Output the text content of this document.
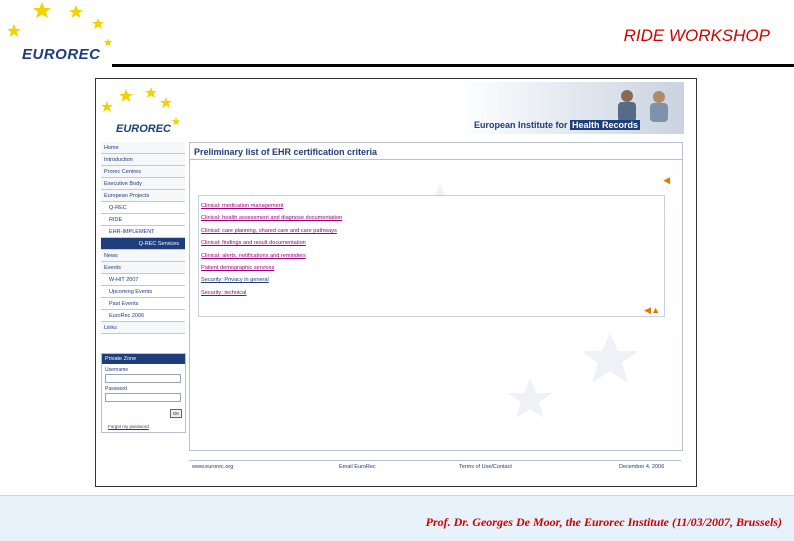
EUROREC
RIDE WORKSHOP
EUROREC	European Institute for Health Records
Home
Introduction
Prorec Centres
Executive Body
European Projects
Q-REC
RIDE
EHR-IMPLEMENT
Q-REC Services
News
Events
W-HIT 2007
Upcoming Events
Past Events
EuroRec 2006
Links
Private Zone
Username
Password
OK
Forgot my password
Preliminary list of EHR certification criteria
◀
Clinical: medication management
Clinical: health assessment and diagnose documentation
Clinical: care planning, shared care and care pathways
Clinical: findings and result documentation
Clinical: alerts, notifications and reminders
Patient demographic services
Security: Privacy in general
Security: technical
◀▲
www.eurorec.org	Email EuroRec	Terms of Use/Contact	December 4, 2006
Prof. Dr. Georges De Moor, the Eurorec Institute (11/03/2007, Brussels)
